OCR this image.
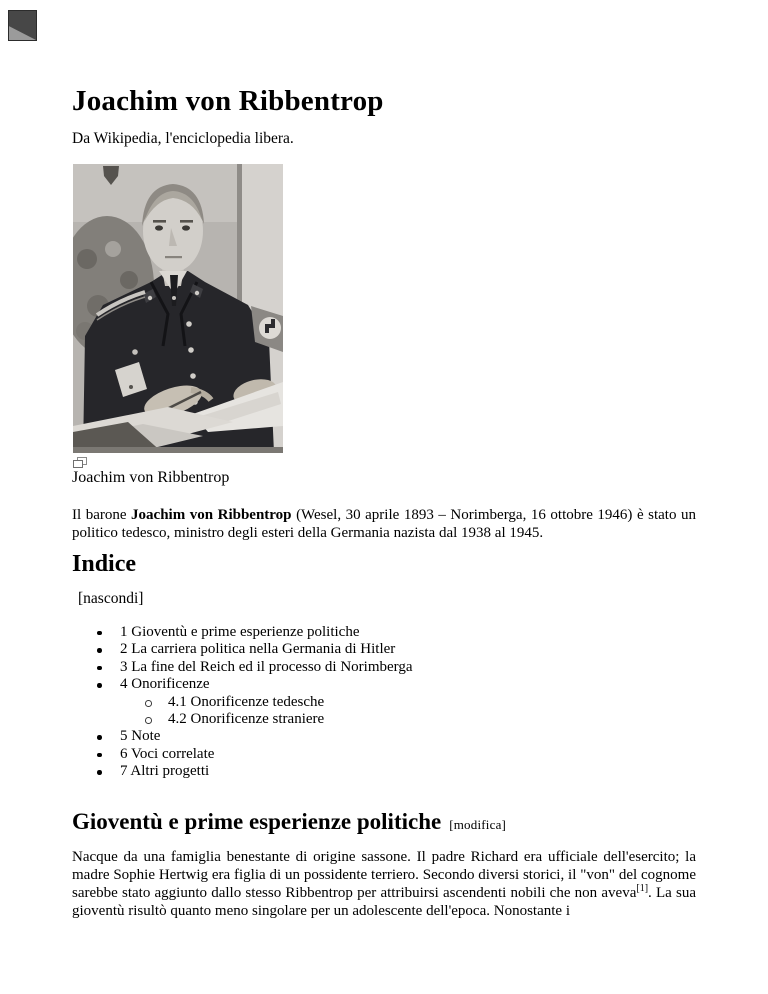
Joachim von Ribbentrop
Da Wikipedia, l'enciclopedia libera.
Joachim von Ribbentrop

Il barone Joachim von Ribbentrop (Wesel, 30 aprile 1893 – Norimberga, 16 ottobre 1946) è stato un politico tedesco, ministro degli esteri della Germania nazista dal 1938 al 1945.

Indice
[nascondi]
1 Gioventù e prime esperienze politiche
2 La carriera politica nella Germania di Hitler
3 La fine del Reich ed il processo di Norimberga
4 Onorificenze
4.1 Onorificenze tedesche
4.2 Onorificenze straniere
5 Note
6 Voci correlate
7 Altri progetti
Gioventù e prime esperienze politiche [modifica]

Nacque da una famiglia benestante di origine sassone. Il padre Richard era ufficiale dell'esercito; la madre Sophie Hertwig era figlia di un possidente terriero. Secondo diversi storici, il "von" del cognome sarebbe stato aggiunto dallo stesso Ribbentrop per attribuirsi ascendenti nobili che non aveva[1]. La sua gioventù risultò quanto meno singolare per un adolescente dell'epoca. Nonostante i
